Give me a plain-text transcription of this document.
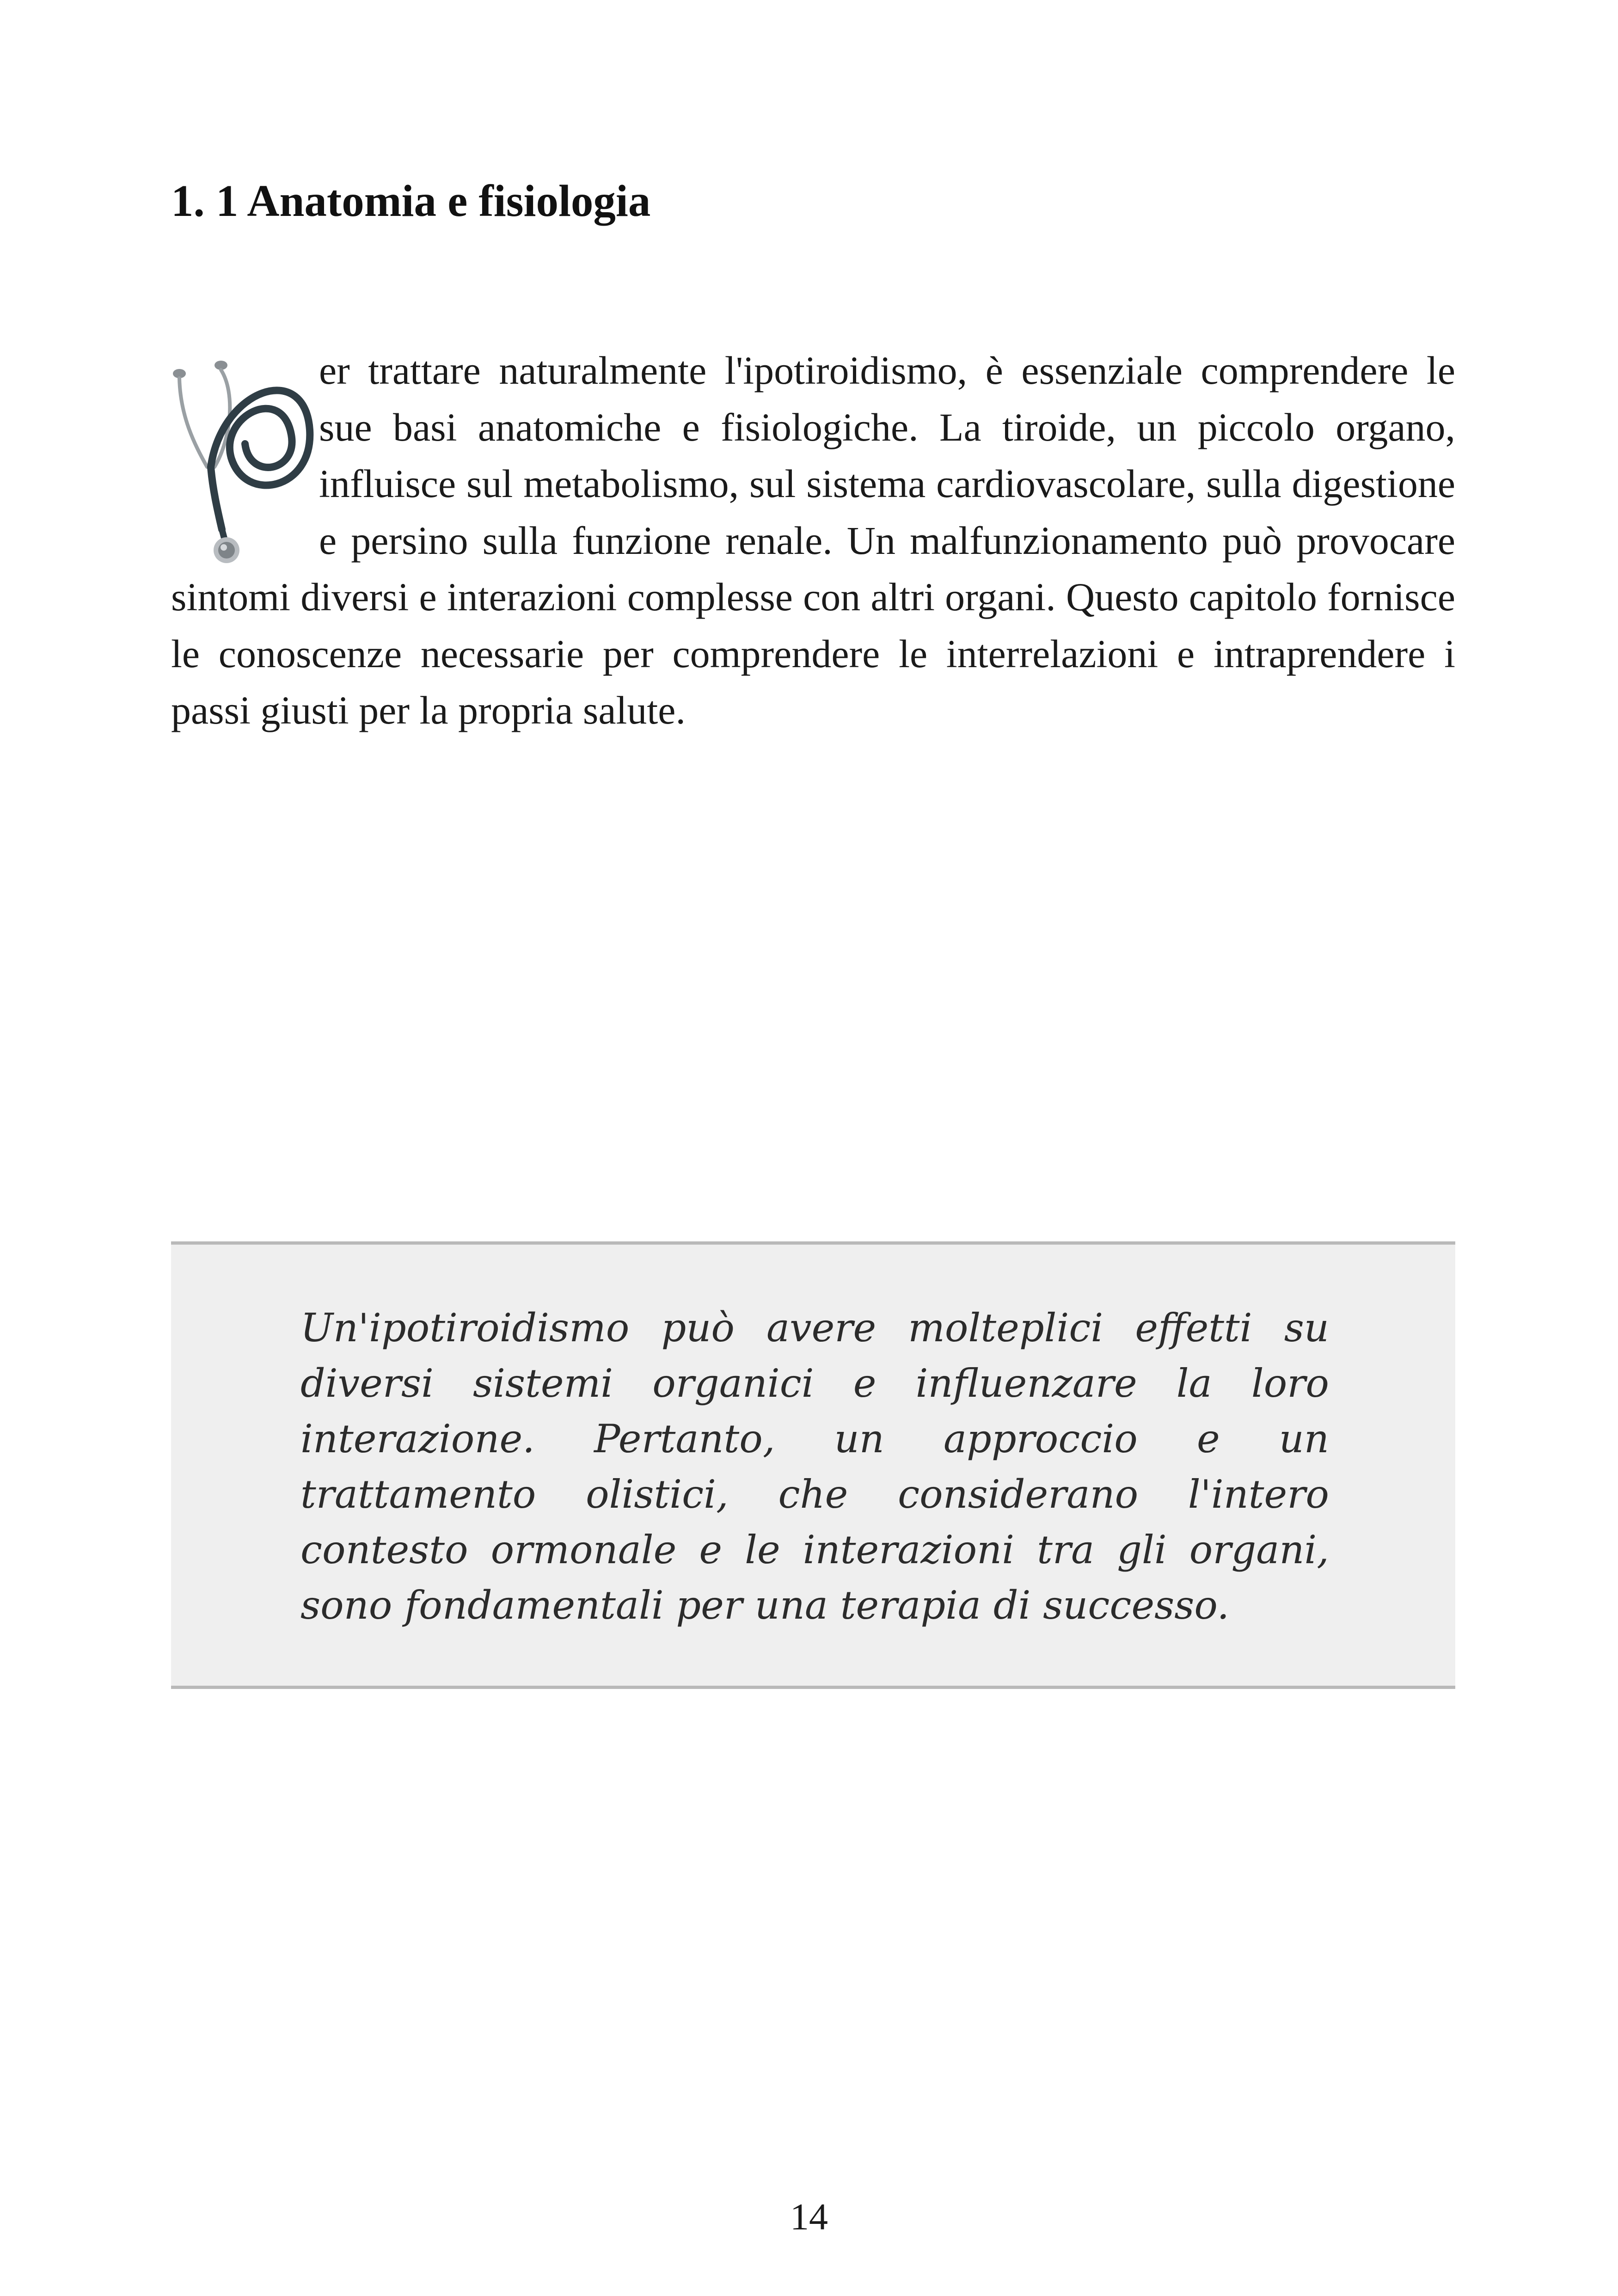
1. 1 Anatomia e fisiologia

er trattare naturalmente l'ipotiroidismo, è essenziale comprendere le sue basi anatomiche e fisiologiche. La tiroide, un piccolo organo, influisce sul metabolismo, sul sistema cardiovascolare, sulla digestione e persino sulla funzione renale. Un malfunzionamento può provocare sintomi diversi e interazioni complesse con altri organi. Questo capitolo fornisce le conoscenze necessarie per comprendere le interrelazioni e intraprendere i passi giusti per la propria salute.

Un'ipotiroidismo può avere molteplici effetti su diversi sistemi organici e influenzare la loro interazione. Pertanto, un approccio e un trattamento olistici, che considerano l'intero contesto ormonale e le interazioni tra gli organi, sono fondamentali per una terapia di successo.

14
